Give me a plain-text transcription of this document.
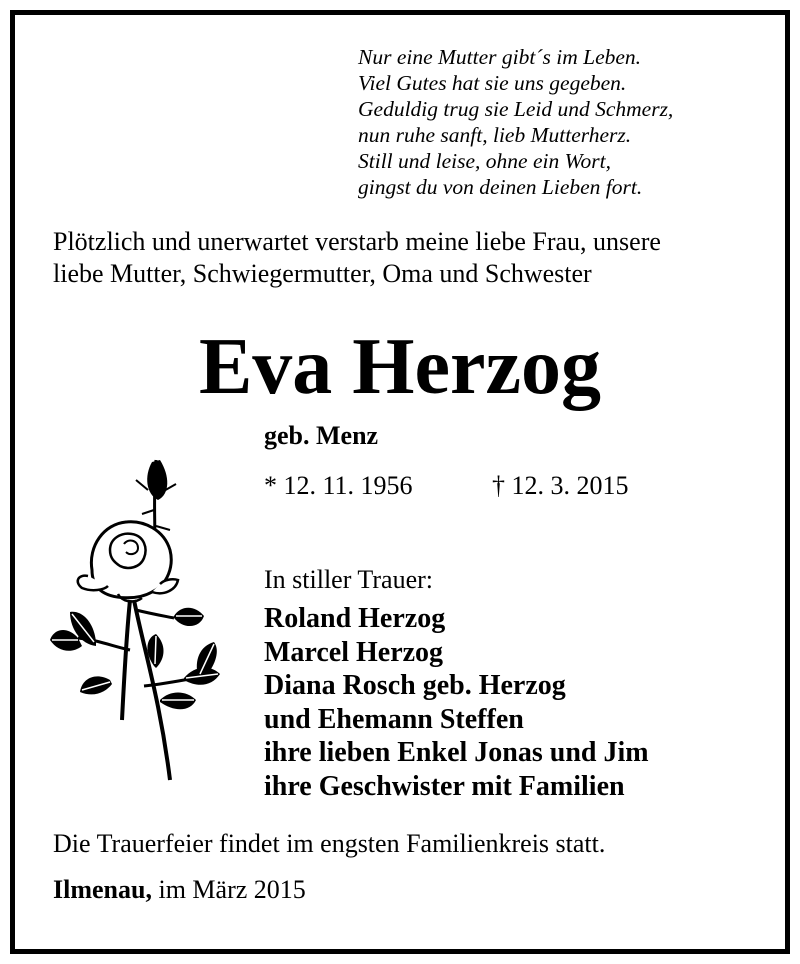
Nur eine Mutter gibt´s im Leben.
Viel Gutes hat sie uns gegeben.
Geduldig trug sie Leid und Schmerz,
nun ruhe sanft, lieb Mutterherz.
Still und leise, ohne ein Wort,
gingst du von deinen Lieben fort.
Plötzlich und unerwartet verstarb meine liebe Frau, unsere
liebe Mutter, Schwiegermutter, Oma und Schwester
Eva Herzog
geb. Menz
* 12. 11. 1956	† 12. 3. 2015
In stiller Trauer:
Roland Herzog
Marcel Herzog
Diana Rosch geb. Herzog
und Ehemann Steffen
ihre lieben Enkel Jonas und Jim
ihre Geschwister mit Familien
Die Trauerfeier findet im engsten Familienkreis statt.
Ilmenau, im März 2015
